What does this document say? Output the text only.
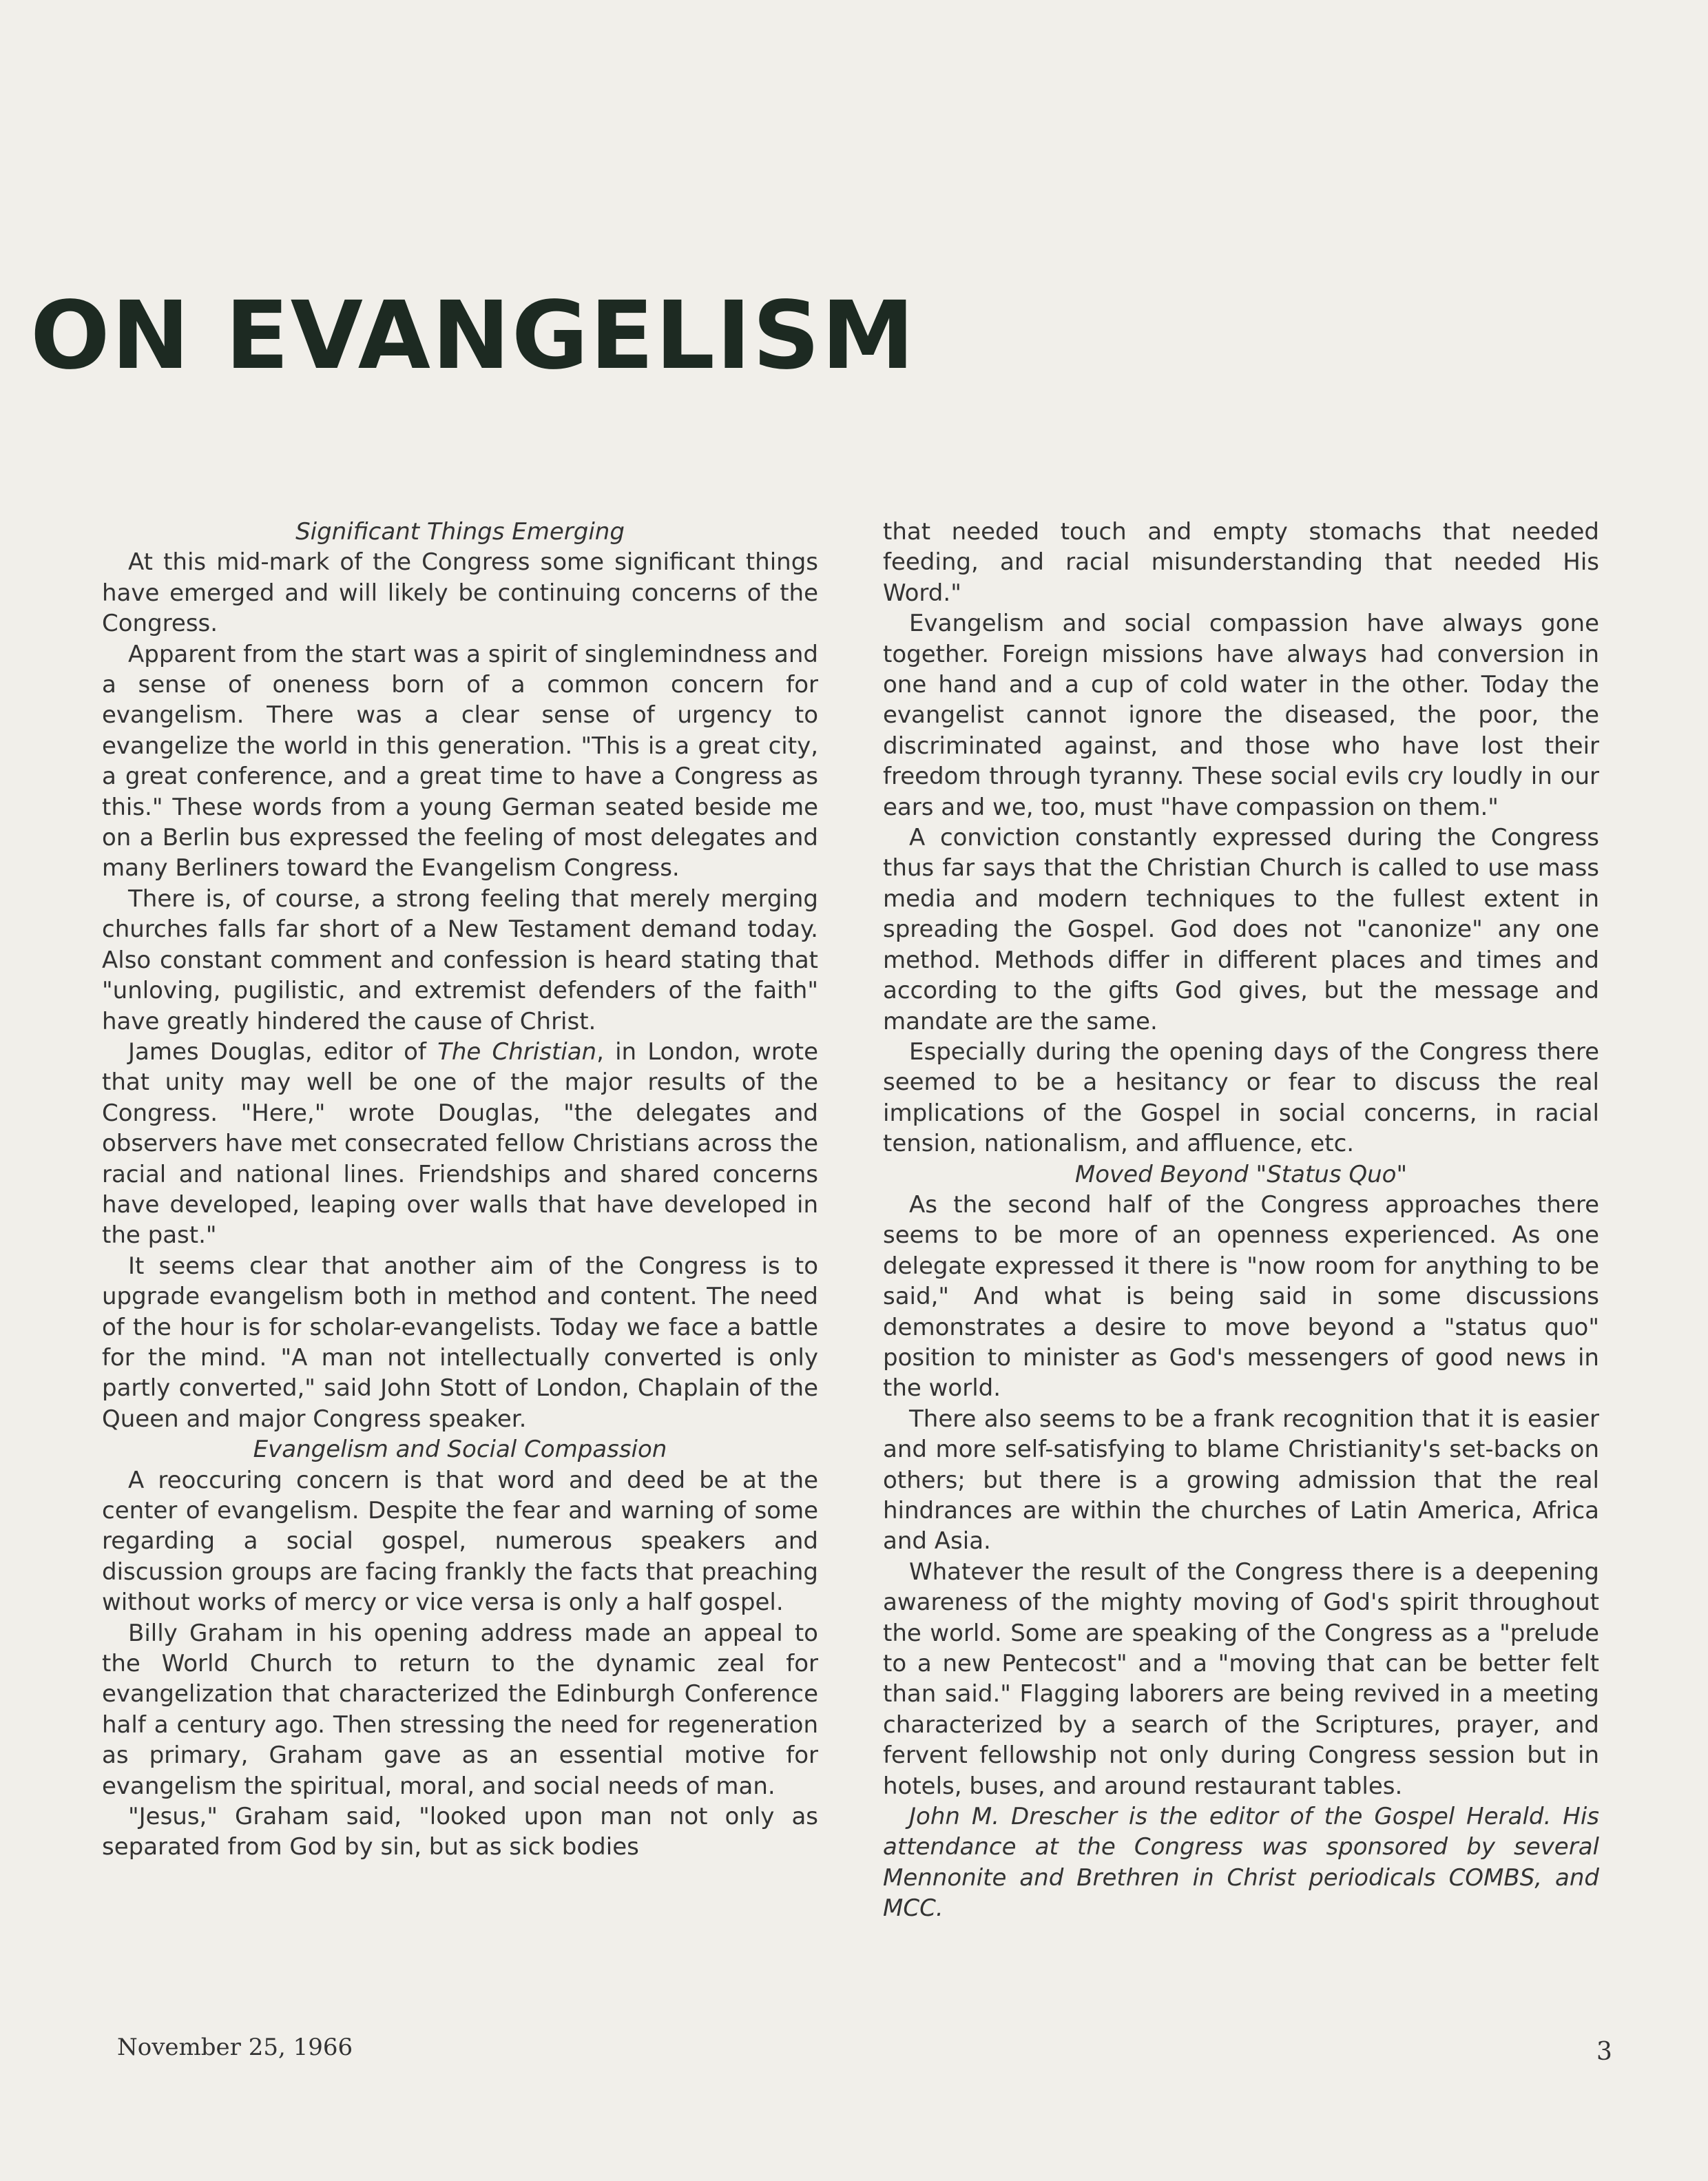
ON EVANGELISM
Significant Things Emerging

At this mid-mark of the Congress some significant things have emerged and will likely be continuing concerns of the Congress.

Apparent from the start was a spirit of singlemindness and a sense of oneness born of a common concern for evangelism. There was a clear sense of urgency to evangelize the world in this generation. "This is a great city, a great conference, and a great time to have a Congress as this." These words from a young German seated beside me on a Berlin bus expressed the feeling of most delegates and many Berliners toward the Evangelism Congress.

There is, of course, a strong feeling that merely merging churches falls far short of a New Testament demand today. Also constant comment and confession is heard stating that "unloving, pugilistic, and extremist defenders of the faith" have greatly hindered the cause of Christ.

James Douglas, editor of The Christian, in London, wrote that unity may well be one of the major results of the Congress. "Here," wrote Douglas, "the delegates and observers have met consecrated fellow Christians across the racial and national lines. Friendships and shared concerns have developed, leaping over walls that have developed in the past."

It seems clear that another aim of the Congress is to upgrade evangelism both in method and content. The need of the hour is for scholar-evangelists. Today we face a battle for the mind. "A man not intellectually converted is only partly converted," said John Stott of London, Chaplain of the Queen and major Congress speaker.

Evangelism and Social Compassion

A reoccuring concern is that word and deed be at the center of evangelism. Despite the fear and warning of some regarding a social gospel, numerous speakers and discussion groups are facing frankly the facts that preaching without works of mercy or vice versa is only a half gospel.

Billy Graham in his opening address made an appeal to the World Church to return to the dynamic zeal for evangelization that characterized the Edinburgh Conference half a century ago. Then stressing the need for regeneration as primary, Graham gave as an essential motive for evangelism the spiritual, moral, and social needs of man.

"Jesus," Graham said, "looked upon man not only as separated from God by sin, but as sick bodies

that needed touch and empty stomachs that needed feeding, and racial misunderstanding that needed His Word."

Evangelism and social compassion have always gone together. Foreign missions have always had conversion in one hand and a cup of cold water in the other. Today the evangelist cannot ignore the diseased, the poor, the discriminated against, and those who have lost their freedom through tyranny. These social evils cry loudly in our ears and we, too, must "have compassion on them."

A conviction constantly expressed during the Congress thus far says that the Christian Church is called to use mass media and modern techniques to the fullest extent in spreading the Gospel. God does not "canonize" any one method. Methods differ in different places and times and according to the gifts God gives, but the message and mandate are the same.

Especially during the opening days of the Congress there seemed to be a hesitancy or fear to discuss the real implications of the Gospel in social concerns, in racial tension, nationalism, and affluence, etc.

Moved Beyond "Status Quo"

As the second half of the Congress approaches there seems to be more of an openness experienced. As one delegate expressed it there is "now room for anything to be said," And what is being said in some discussions demonstrates a desire to move beyond a "status quo" position to minister as God's messengers of good news in the world.

There also seems to be a frank recognition that it is easier and more self-satisfying to blame Christianity's set-backs on others; but there is a growing admission that the real hindrances are within the churches of Latin America, Africa and Asia.

Whatever the result of the Congress there is a deepening awareness of the mighty moving of God's spirit throughout the world. Some are speaking of the Congress as a "prelude to a new Pentecost" and a "moving that can be better felt than said." Flagging laborers are being revived in a meeting characterized by a search of the Scriptures, prayer, and fervent fellowship not only during Congress session but in hotels, buses, and around restaurant tables.

John M. Drescher is the editor of the Gospel Herald. His attendance at the Congress was sponsored by several Mennonite and Brethren in Christ periodicals COMBS, and MCC.

November 25, 1966	3
